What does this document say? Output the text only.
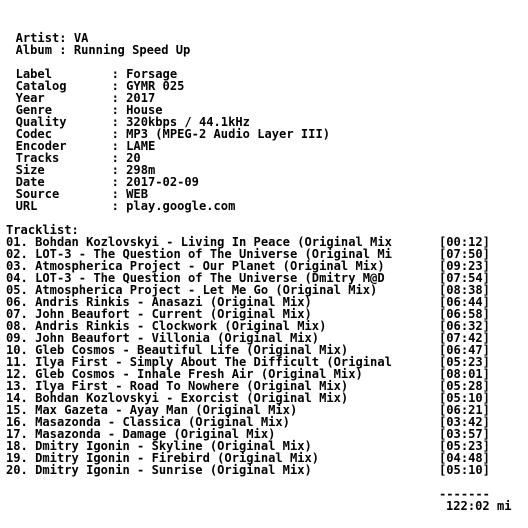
Artist: VA
Album : Running Speed Up
Label	: Forsage
Catalog	: GYMR 025
Year	: 2017
Genre	: House
Quality	: 320kbps / 44.1kHz
Codec	: MP3 (MPEG-2 Audio Layer III)
Encoder	: LAME
Tracks	: 20
Size	: 298m
Date	: 2017-02-09
Source	: WEB
URL	: play.google.com
Tracklist:
01. Bohdan Kozlovskyi - Living In Peace (Original Mix	[00:12]
02. LOT-3 - The Question of The Universe (Original Mi	[07:50]
03. Atmospherica Project - Our Planet (Original Mix)	[09:23]
04. LOT-3 - The Question of The Universe (Dmitry M@D	[07:54]
05. Atmospherica Project - Let Me Go (Original Mix)	[08:38]
06. Andris Rinkis - Anasazi (Original Mix)	[06:44]
07. John Beaufort - Current (Original Mix)	[06:58]
08. Andris Rinkis - Clockwork (Original Mix)	[06:32]
09. John Beaufort - Villonia (Original Mix)	[07:42]
10. Gleb Cosmos - Beautiful Life (Original Mix)	[06:47]
11. Ilya First - Simply About The Difficult (Original	[05:23]
12. Gleb Cosmos - Inhale Fresh Air (Original Mix)	[08:01]
13. Ilya First - Road To Nowhere (Original Mix)	[05:28]
14. Bohdan Kozlovskyi - Exorcist (Original Mix)	[05:10]
15. Max Gazeta - Ayay Man (Original Mix)	[06:21]
16. Masazonda - Classica (Original Mix)	[03:42]
17. Masazonda - Damage (Original Mix)	[03:57]
18. Dmitry Igonin - Skyline (Original Mix)	[05:23]
19. Dmitry Igonin - Firebird (Original Mix)	[04:48]
20. Dmitry Igonin - Sunrise (Original Mix)	[05:10]

-------

122:02 mi
